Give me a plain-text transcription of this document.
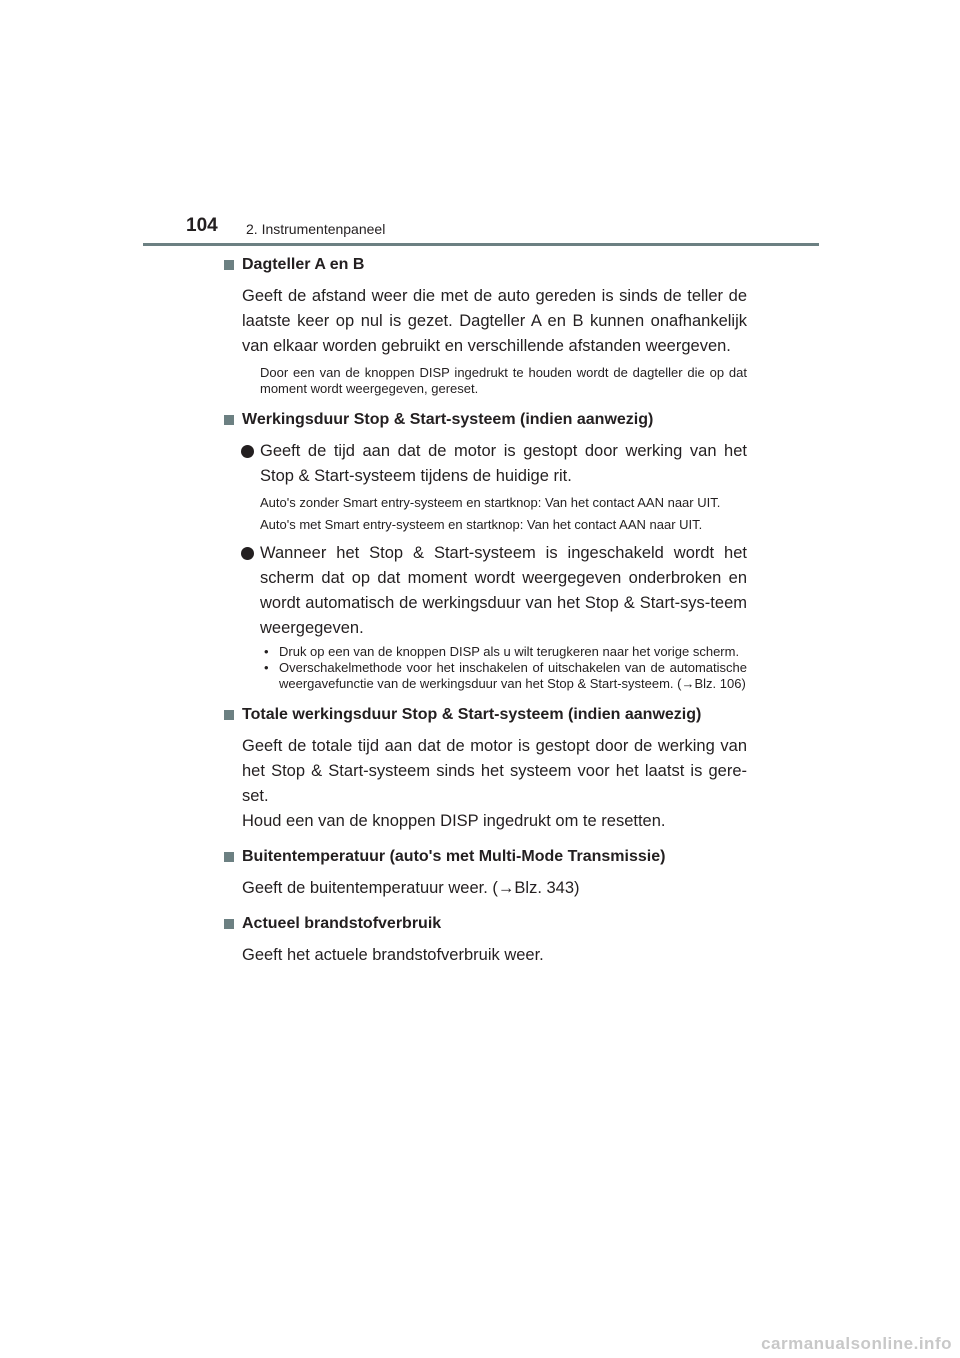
104 2. Instrumentenpaneel
Dagteller A en B
Geeft de afstand weer die met de auto gereden is sinds de teller de laatste keer op nul is gezet. Dagteller A en B kunnen onafhankelijk van elkaar worden gebruikt en verschillende afstanden weergeven.
Door een van de knoppen DISP ingedrukt te houden wordt de dagteller die op dat moment wordt weergegeven, gereset.
Werkingsduur Stop & Start-systeem (indien aanwezig)
Geeft de tijd aan dat de motor is gestopt door werking van het Stop & Start-systeem tijdens de huidige rit.
Auto's zonder Smart entry-systeem en startknop: Van het contact AAN naar UIT.
Auto's met Smart entry-systeem en startknop: Van het contact AAN naar UIT.
Wanneer het Stop & Start-systeem is ingeschakeld wordt het scherm dat op dat moment wordt weergegeven onderbroken en wordt automatisch de werkingsduur van het Stop & Start-sys-teem weergegeven.
• Druk op een van de knoppen DISP als u wilt terugkeren naar het vorige scherm.
• Overschakelmethode voor het inschakelen of uitschakelen van de automatische weergavefunctie van de werkingsduur van het Stop & Start-systeem. (→Blz. 106)
Totale werkingsduur Stop & Start-systeem (indien aanwezig)
Geeft de totale tijd aan dat de motor is gestopt door de werking van het Stop & Start-systeem sinds het systeem voor het laatst is gere-set.
Houd een van de knoppen DISP ingedrukt om te resetten.
Buitentemperatuur (auto's met Multi-Mode Transmissie)
Geeft de buitentemperatuur weer. (→Blz. 343)
Actueel brandstofverbruik
Geeft het actuele brandstofverbruik weer.
carmanualsonline.info
